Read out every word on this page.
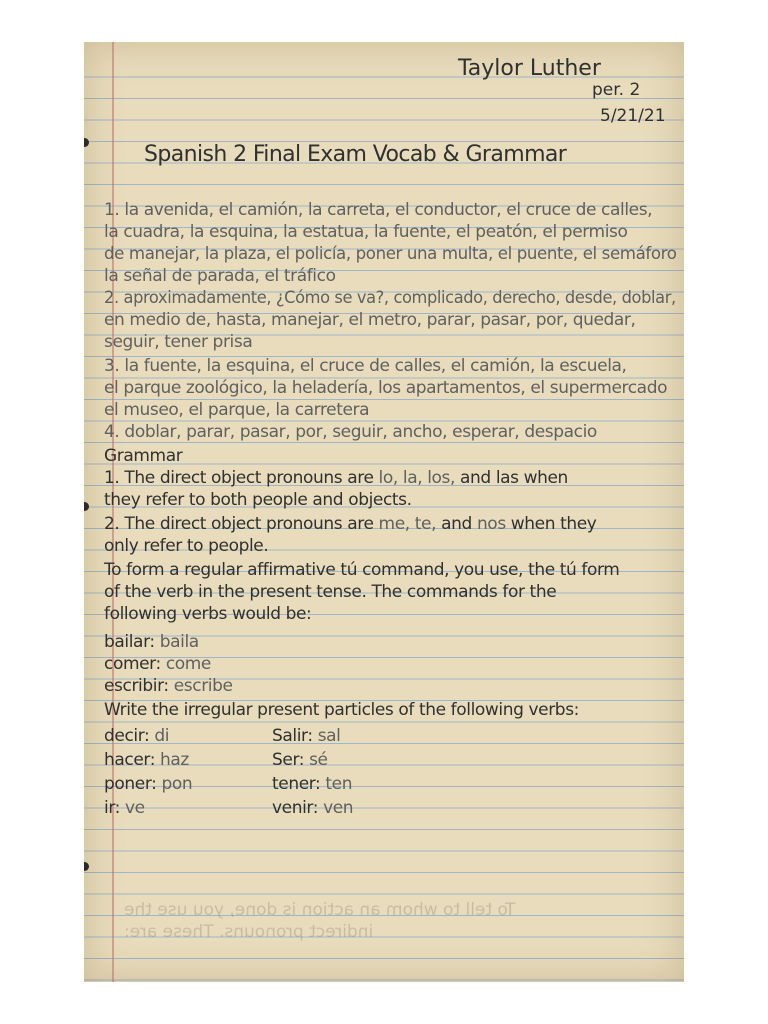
Taylor Luther
per. 2
5/21/21
Spanish 2 Final Exam Vocab & Grammar
1. la avenida, el camión, la carreta, el conductor, el cruce de calles,
la cuadra, la esquina, la estatua, la fuente, el peatón, el permiso
de manejar, la plaza, el policía, poner una multa, el puente, el semáforo
la señal de parada, el tráfico
2. aproximadamente, ¿Cómo se va?, complicado, derecho, desde, doblar,
en medio de, hasta, manejar, el metro, parar, pasar, por, quedar,
seguir, tener prisa
3. la fuente, la esquina, el cruce de calles, el camión, la escuela,
el parque zoológico, la heladería, los apartamentos, el supermercado
el museo, el parque, la carretera
4. doblar, parar, pasar, por, seguir, ancho, esperar, despacio
Grammar
1. The direct object pronouns are lo, la, los, and las when
they refer to both people and objects.
2. The direct object pronouns are me, te, and nos when they
only refer to people.
To form a regular affirmative tú command, you use, the tú form
of the verb in the present tense. The commands for the
following verbs would be:
bailar: baila
comer: come
escribir: escribe
Write the irregular present particles of the following verbs:
decir: di
hacer: haz
poner: pon
ir: ve
Salir: sal
Ser: sé
tener: ten
venir: ven
To tell to whom an action is done, you use the
indirect pronouns. These are:
